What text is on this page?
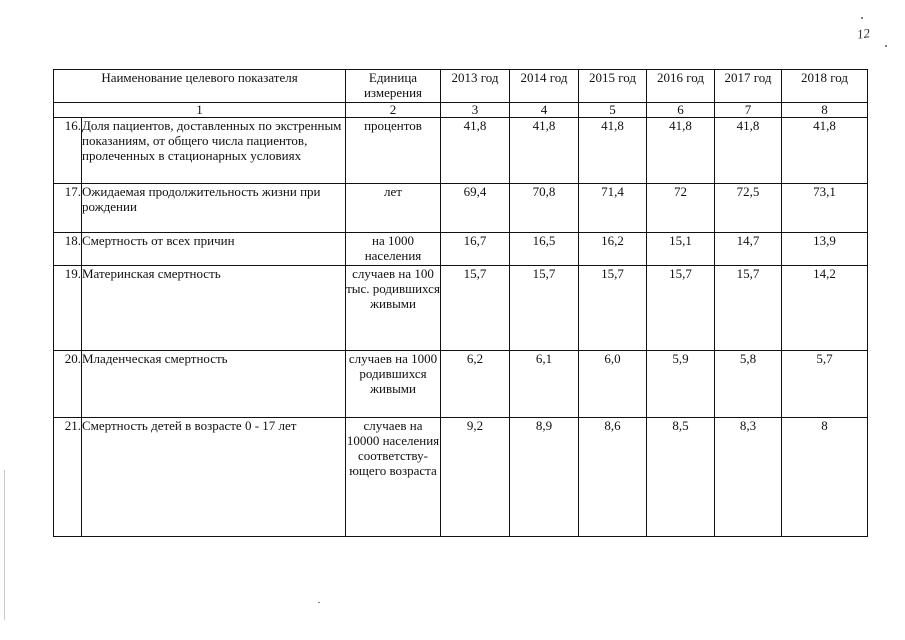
12
Наименование целевого показателя		Единица измерения	2013 год	2014 год	2015 год	2016 год	2017 год	2018 год
1		2	3	4	5	6	7	8
16.	Доля пациентов, доставленных по экстренным показаниям, от общего числа пациентов, пролеченных в стационарных условиях	процентов	41,8	41,8	41,8	41,8	41,8	41,8
17.	Ожидаемая продолжительность жизни при рождении	лет	69,4	70,8	71,4	72	72,5	73,1
18.	Смертность от всех причин	на 1000 населения	16,7	16,5	16,2	15,1	14,7	13,9
19.	Материнская смертность	случаев на 100 тыс. родившихся живыми	15,7	15,7	15,7	15,7	15,7	14,2
20.	Младенческая смертность	случаев на 1000 родившихся живыми	6,2	6,1	6,0	5,9	5,8	5,7
21.	Смертность детей в возрасте 0 - 17 лет	случаев на 10000 населения соответству-ющего возраста	9,2	8,9	8,6	8,5	8,3	8
